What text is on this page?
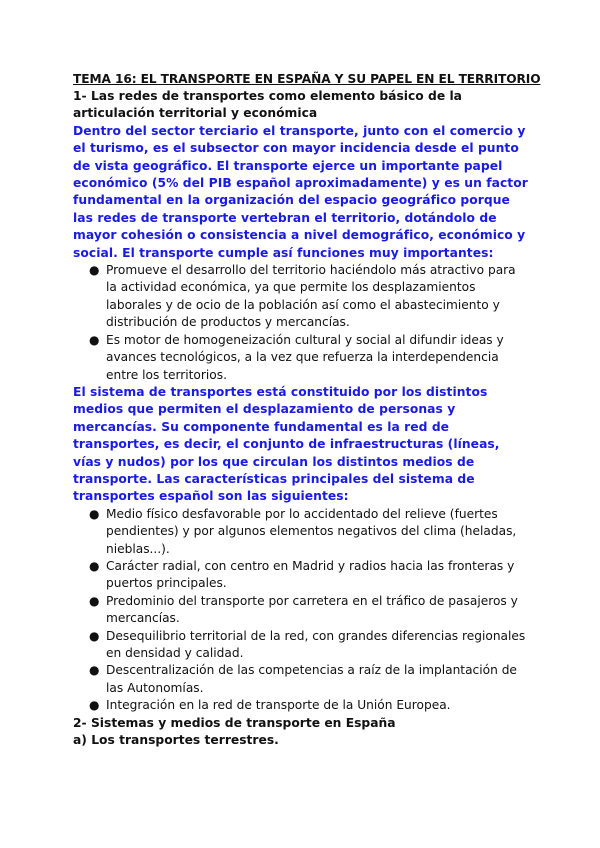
TEMA 16: EL TRANSPORTE EN ESPAÑA Y SU PAPEL EN EL TERRITORIO

1- Las redes de transportes como elemento básico de la articulación territorial y económica

Dentro del sector terciario el transporte, junto con el comercio y el turismo, es el subsector con mayor incidencia desde el punto de vista geográfico. El transporte ejerce un importante papel económico (5% del PIB español aproximadamente) y es un factor fundamental en la organización del espacio geográfico porque las redes de transporte vertebran el territorio, dotándolo de mayor cohesión o consistencia a nivel demográfico, económico y social. El transporte cumple así funciones muy importantes:

● Promueve el desarrollo del territorio haciéndolo más atractivo para la actividad económica, ya que permite los desplazamientos laborales y de ocio de la población así como el abastecimiento y distribución de productos y mercancías.
● Es motor de homogeneización cultural y social al difundir ideas y avances tecnológicos, a la vez que refuerza la interdependencia entre los territorios.

El sistema de transportes está constituido por los distintos medios que permiten el desplazamiento de personas y mercancías. Su componente fundamental es la red de transportes, es decir, el conjunto de infraestructuras (líneas, vías y nudos) por los que circulan los distintos medios de transporte. Las características principales del sistema de transportes español son las siguientes:

● Medio físico desfavorable por lo accidentado del relieve (fuertes pendientes) y por algunos elementos negativos del clima (heladas, nieblas...).
● Carácter radial, con centro en Madrid y radios hacia las fronteras y puertos principales.
● Predominio del transporte por carretera en el tráfico de pasajeros y mercancías.
● Desequilibrio territorial de la red, con grandes diferencias regionales en densidad y calidad.
● Descentralización de las competencias a raíz de la implantación de las Autonomías.
● Integración en la red de transporte de la Unión Europea.

2- Sistemas y medios de transporte en España

a) Los transportes terrestres.
